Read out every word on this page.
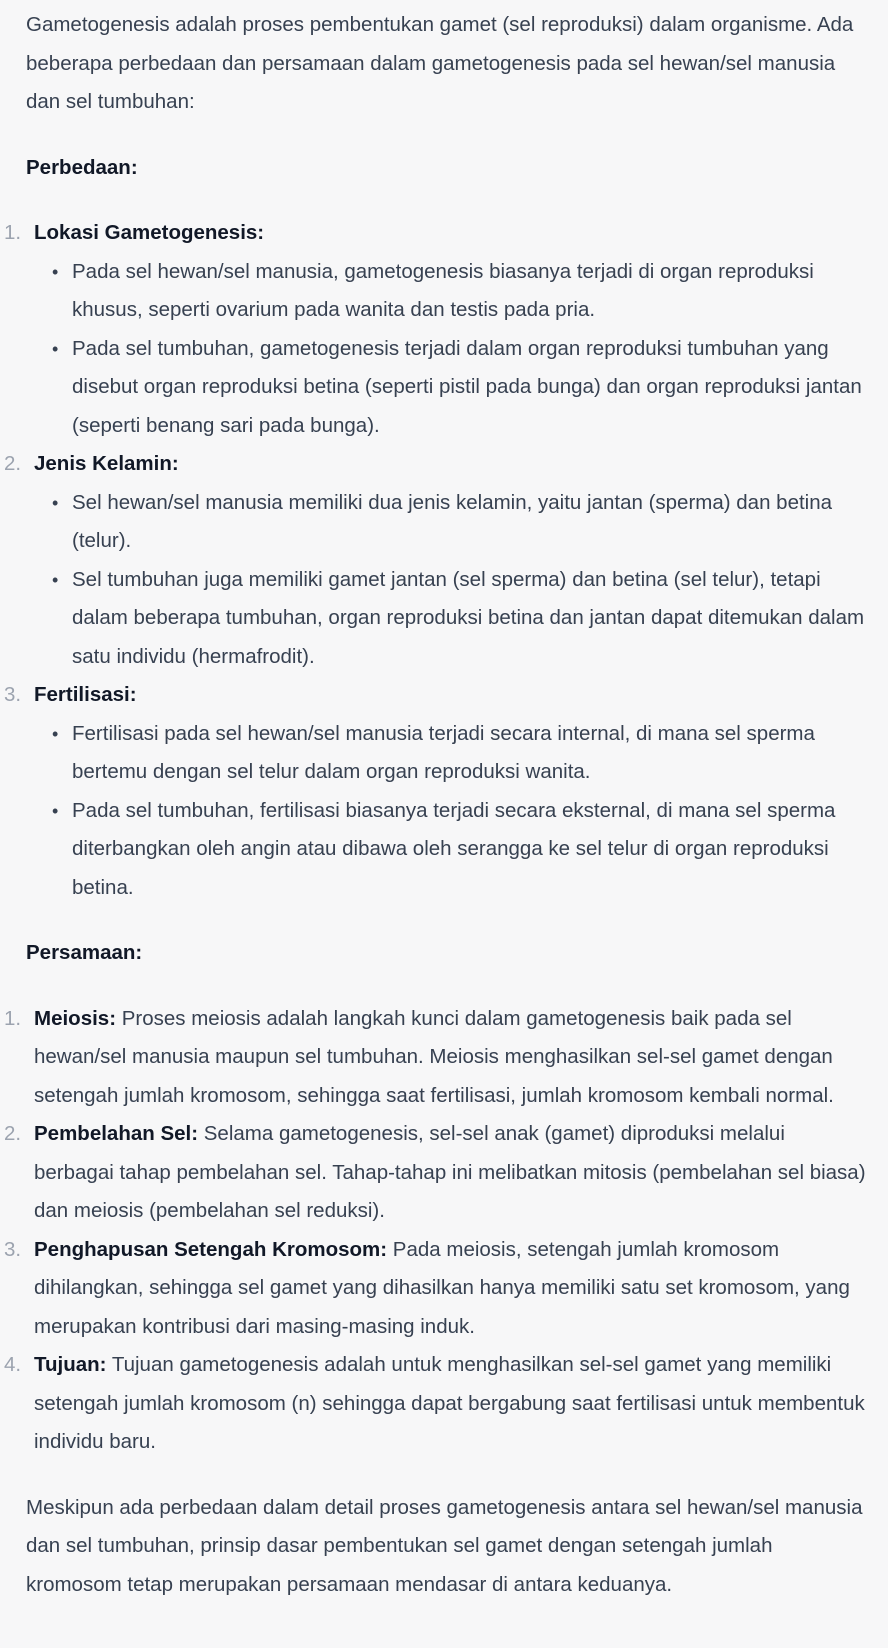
Gametogenesis adalah proses pembentukan gamet (sel reproduksi) dalam organisme. Ada beberapa perbedaan dan persamaan dalam gametogenesis pada sel hewan/sel manusia dan sel tumbuhan:

Perbedaan:

1. Lokasi Gametogenesis:
• Pada sel hewan/sel manusia, gametogenesis biasanya terjadi di organ reproduksi khusus, seperti ovarium pada wanita dan testis pada pria.
• Pada sel tumbuhan, gametogenesis terjadi dalam organ reproduksi tumbuhan yang disebut organ reproduksi betina (seperti pistil pada bunga) dan organ reproduksi jantan (seperti benang sari pada bunga).
2. Jenis Kelamin:
• Sel hewan/sel manusia memiliki dua jenis kelamin, yaitu jantan (sperma) dan betina (telur).
• Sel tumbuhan juga memiliki gamet jantan (sel sperma) dan betina (sel telur), tetapi dalam beberapa tumbuhan, organ reproduksi betina dan jantan dapat ditemukan dalam satu individu (hermafrodit).
3. Fertilisasi:
• Fertilisasi pada sel hewan/sel manusia terjadi secara internal, di mana sel sperma bertemu dengan sel telur dalam organ reproduksi wanita.
• Pada sel tumbuhan, fertilisasi biasanya terjadi secara eksternal, di mana sel sperma diterbangkan oleh angin atau dibawa oleh serangga ke sel telur di organ reproduksi betina.

Persamaan:

1. Meiosis: Proses meiosis adalah langkah kunci dalam gametogenesis baik pada sel hewan/sel manusia maupun sel tumbuhan. Meiosis menghasilkan sel-sel gamet dengan setengah jumlah kromosom, sehingga saat fertilisasi, jumlah kromosom kembali normal.
2. Pembelahan Sel: Selama gametogenesis, sel-sel anak (gamet) diproduksi melalui berbagai tahap pembelahan sel. Tahap-tahap ini melibatkan mitosis (pembelahan sel biasa) dan meiosis (pembelahan sel reduksi).
3. Penghapusan Setengah Kromosom: Pada meiosis, setengah jumlah kromosom dihilangkan, sehingga sel gamet yang dihasilkan hanya memiliki satu set kromosom, yang merupakan kontribusi dari masing-masing induk.
4. Tujuan: Tujuan gametogenesis adalah untuk menghasilkan sel-sel gamet yang memiliki setengah jumlah kromosom (n) sehingga dapat bergabung saat fertilisasi untuk membentuk individu baru.

Meskipun ada perbedaan dalam detail proses gametogenesis antara sel hewan/sel manusia dan sel tumbuhan, prinsip dasar pembentukan sel gamet dengan setengah jumlah kromosom tetap merupakan persamaan mendasar di antara keduanya.
